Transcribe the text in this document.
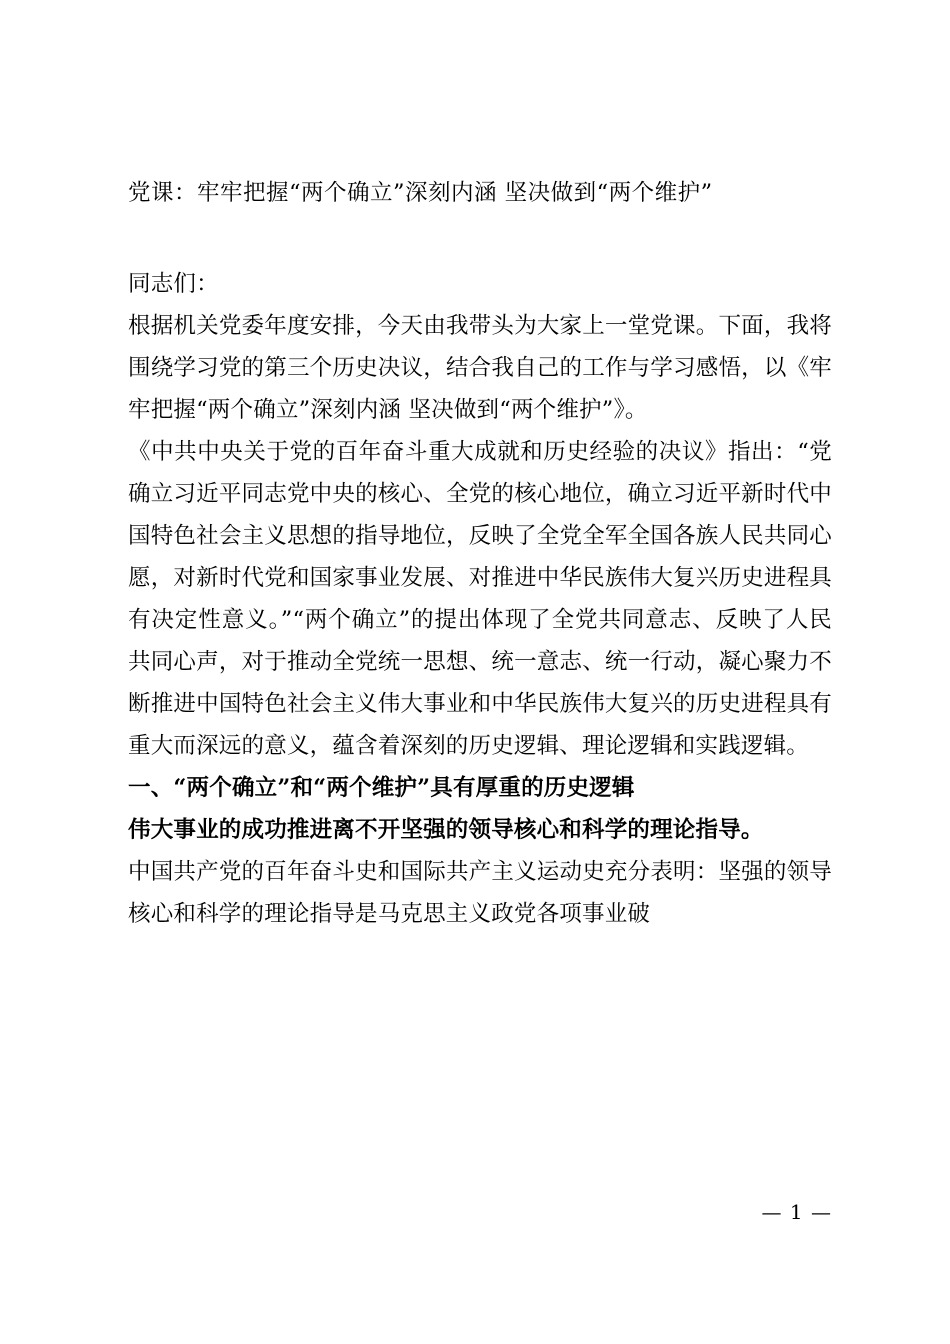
党课：牢牢把握“两个确立”深刻内涵 坚决做到“两个维护”

同志们：

根据机关党委年度安排，今天由我带头为大家上一堂党课。下面，我将围绕学习党的第三个历史决议，结合我自己的工作与学习感悟，以《牢牢把握“两个确立”深刻内涵 坚决做到“两个维护”》。

《中共中央关于党的百年奋斗重大成就和历史经验的决议》指出：“党确立习近平同志党中央的核心、全党的核心地位，确立习近平新时代中国特色社会主义思想的指导地位，反映了全党全军全国各族人民共同心愿，对新时代党和国家事业发展、对推进中华民族伟大复兴历史进程具有决定性意义。”“两个确立”的提出体现了全党共同意志、反映了人民共同心声，对于推动全党统一思想、统一意志、统一行动，凝心聚力不断推进中国特色社会主义伟大事业和中华民族伟大复兴的历史进程具有重大而深远的意义，蕴含着深刻的历史逻辑、理论逻辑和实践逻辑。

一、“两个确立”和“两个维护”具有厚重的历史逻辑

伟大事业的成功推进离不开坚强的领导核心和科学的理论指导。

中国共产党的百年奋斗史和国际共产主义运动史充分表明：坚强的领导核心和科学的理论指导是马克思主义政党各项事业破

— 1 —
